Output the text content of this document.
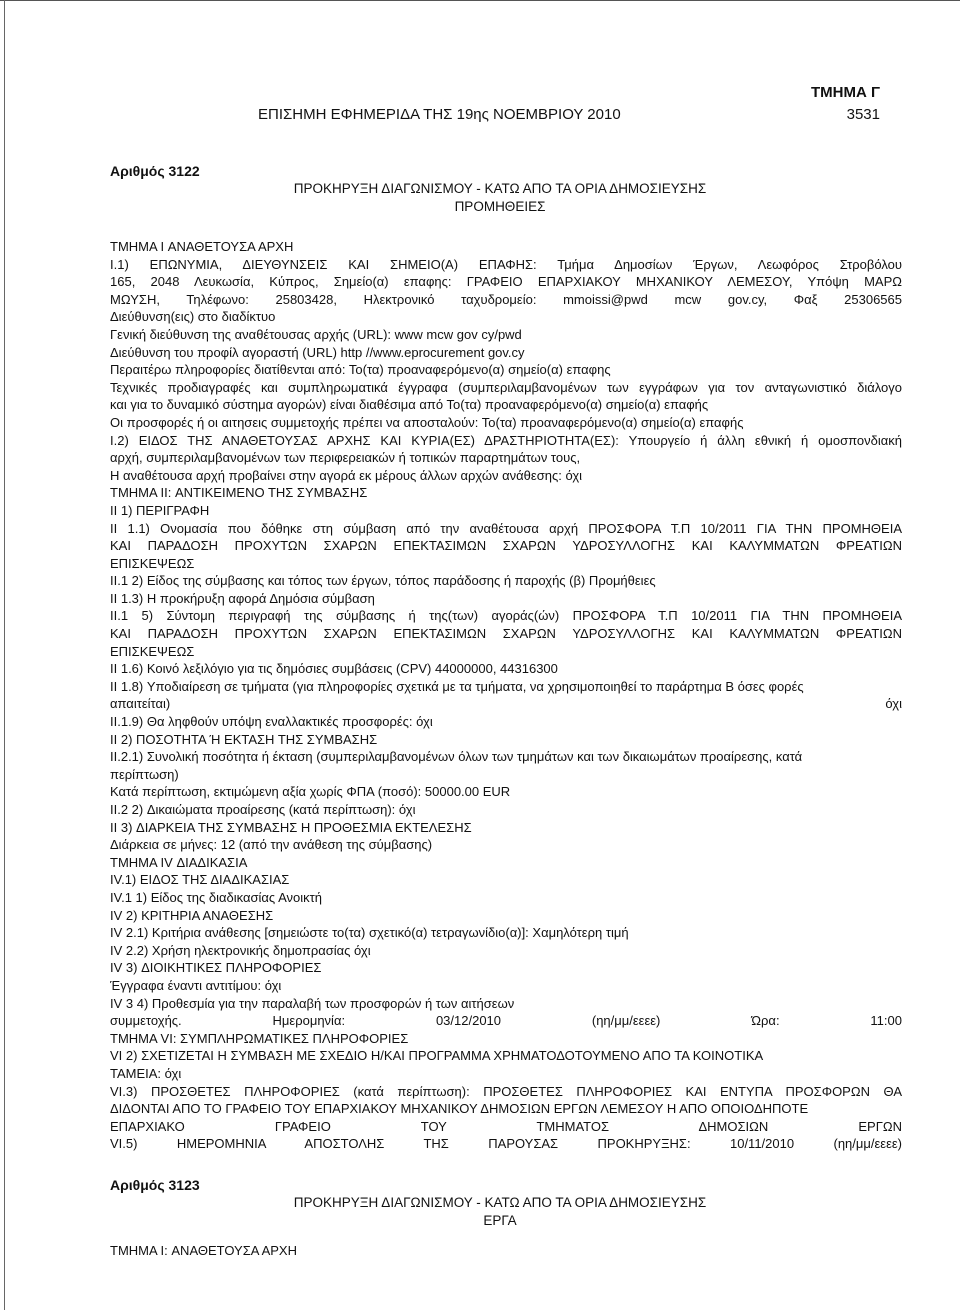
ΤΜΗΜΑ Γ
ΕΠΙΣΗΜΗ ΕΦΗΜΕΡΙΔΑ ΤΗΣ 19ης ΝΟΕΜΒΡΙΟΥ 2010	3531
Αριθμός 3122
ΠΡΟΚΗΡΥΞΗ ΔΙΑΓΩΝΙΣΜΟΥ - ΚΑΤΩ ΑΠΟ ΤΑ ΟΡΙΑ ΔΗΜΟΣΙΕΥΣΗΣ
ΠΡΟΜΗΘΕΙΕΣ
ΤΜΗΜΑ I ΑΝΑΘΕΤΟΥΣΑ ΑΡΧΗ
I.1) ΕΠΩΝΥΜΙΑ, ΔΙΕΥΘΥΝΣΕΙΣ ΚΑΙ ΣΗΜΕΙΟ(Α) ΕΠΑΦΗΣ: Τμήμα Δημοσίων Έργων, Λεωφόρος Στροβόλου
165, 2048 Λευκωσία, Κύπρος, Σημείο(α) επαφης: ΓΡΑΦΕΙΟ ΕΠΑΡΧΙΑΚΟΥ ΜΗΧΑΝΙΚΟΥ ΛΕΜΕΣΟΥ, Υπόψη ΜΑΡΩ
ΜΩΥΣΗ, Τηλέφωνο: 25803428, Ηλεκτρονικό ταχυδρομείο: mmoissi@pwd mcw gov.cy, Φαξ 25306565
Διεύθυνση(εις) στο διαδίκτυο
Γενική διεύθυνση της αναθέτουσας αρχής (URL): www mcw gov cy/pwd
Διεύθυνση του προφίλ αγοραστή (URL) http //www.eprocurement gov.cy
Περαιτέρω πληροφορίες διατίθενται από: Το(τα) προαναφερόμενο(α) σημείο(α) επαφης
Τεχνικές προδιαγραφές και συμπληρωματικά έγγραφα (συμπεριλαμβανομένων των εγγράφων για τον ανταγωνιστικό διάλογο
και για το δυναμικό σύστημα αγορών) είναι διαθέσιμα από Το(τα) προαναφερόμενο(α) σημείο(α) επαφής
Οι προσφορές ή οι αιτησεις συμμετοχής πρέπει να αποσταλούν: Το(τα) προαναφερόμενο(α) σημείο(α) επαφής
I.2) ΕΙΔΟΣ ΤΗΣ ΑΝΑΘΕΤΟΥΣΑΣ ΑΡΧΗΣ ΚΑΙ ΚΥΡΙΑ(ΕΣ) ΔΡΑΣΤΗΡΙΟΤΗΤΑ(ΕΣ): Υπουργείο ή άλλη εθνική ή ομοσπονδιακή
αρχή, συμπεριλαμβανομένων των περιφερειακών ή τοπικών παραρτημάτων τους,
Η αναθέτουσα αρχή προβαίνει στην αγορά εκ μέρους άλλων αρχών ανάθεσης: όχι
ΤΜΗΜΑ II: ΑΝΤΙΚΕΙΜΕΝΟ ΤΗΣ ΣΥΜΒΑΣΗΣ
II 1) ΠΕΡΙΓΡΑΦΗ
II 1.1) Ονομασία που δόθηκε στη σύμβαση από την αναθέτουσα αρχή ΠΡΟΣΦΟΡΑ Τ.Π 10/2011 ΓΙΑ ΤΗΝ ΠΡΟΜΗΘΕΙΑ
ΚΑΙ ΠΑΡΑΔΟΣΗ ΠΡΟΧΥΤΩΝ ΣΧΑΡΩΝ ΕΠΕΚΤΑΣΙΜΩΝ ΣΧΑΡΩΝ ΥΔΡΟΣΥΛΛΟΓΗΣ ΚΑΙ ΚΑΛΥΜΜΑΤΩΝ ΦΡΕΑΤΙΩΝ
ΕΠΙΣΚΕΨΕΩΣ
II.1 2) Είδος της σύμβασης και τόπος των έργων, τόπος παράδοσης ή παροχής (β) Προμήθειες
II 1.3) Η προκήρυξη αφορά Δημόσια σύμβαση
II.1 5) Σύντομη περιγραφή της σύμβασης ή της(των) αγοράς(ών) ΠΡΟΣΦΟΡΑ Τ.Π 10/2011 ΓΙΑ ΤΗΝ ΠΡΟΜΗΘΕΙΑ
ΚΑΙ ΠΑΡΑΔΟΣΗ ΠΡΟΧΥΤΩΝ ΣΧΑΡΩΝ ΕΠΕΚΤΑΣΙΜΩΝ ΣΧΑΡΩΝ ΥΔΡΟΣΥΛΛΟΓΗΣ ΚΑΙ ΚΑΛΥΜΜΑΤΩΝ ΦΡΕΑΤΙΩΝ
ΕΠΙΣΚΕΨΕΩΣ
II 1.6) Κοινό λεξιλόγιο για τις δημόσιες συμβάσεις (CPV) 44000000, 44316300
II 1.8) Υποδιαίρεση σε τμήματα (για πληροφορίες σχετικά με τα τμήματα, να χρησιμοποιηθεί το παράρτημα Β όσες φορές
απαιτείται) όχι
II.1.9) Θα ληφθούν υπόψη εναλλακτικές προσφορές: όχι
II 2) ΠΟΣΟΤΗΤΑ Ή ΕΚΤΑΣΗ ΤΗΣ ΣΥΜΒΑΣΗΣ
II.2.1) Συνολική ποσότητα ή έκταση (συμπεριλαμβανομένων όλων των τμημάτων και των δικαιωμάτων προαίρεσης, κατά
περίπτωση)
Κατά περίπτωση, εκτιμώμενη αξία χωρίς ΦΠΑ (ποσό): 50000.00 EUR
II.2 2) Δικαιώματα προαίρεσης (κατά περίπτωση): όχι
II 3) ΔΙΑΡΚΕΙΑ ΤΗΣ ΣΥΜΒΑΣΗΣ Η ΠΡΟΘΕΣΜΙΑ ΕΚΤΕΛΕΣΗΣ
Διάρκεια σε μήνες: 12 (από την ανάθεση της σύμβασης)
ΤΜΗΜΑ IV ΔΙΑΔΙΚΑΣΙΑ
IV.1) ΕΙΔΟΣ ΤΗΣ ΔΙΑΔΙΚΑΣΙΑΣ
IV.1 1) Είδος της διαδικασίας Ανοικτή
IV 2) ΚΡΙΤΗΡΙΑ ΑΝΑΘΕΣΗΣ
IV 2.1) Κριτήρια ανάθεσης [σημειώστε το(τα) σχετικό(α) τετραγωνίδιο(α)]: Χαμηλότερη τιμή
IV 2.2) Χρήση ηλεκτρονικής δημοπρασίας όχι
IV 3) ΔΙΟΙΚΗΤΙΚΕΣ ΠΛΗΡΟΦΟΡΙΕΣ
Έγγραφα έναντι αντιτίμου: όχι
IV 3 4) Προθεσμία για την παραλαβή των προσφορών ή των αιτήσεων
συμμετοχής. Ημερομηνία: 03/12/2010 (ηη/μμ/εεεε) Ώρα: 11:00
ΤΜΗΜΑ VI: ΣΥΜΠΛΗΡΩΜΑΤΙΚΕΣ ΠΛΗΡΟΦΟΡΙΕΣ
VI 2) ΣΧΕΤΙΖΕΤΑΙ Η ΣΥΜΒΑΣΗ ΜΕ ΣΧΕΔΙΟ Η/ΚΑΙ ΠΡΟΓΡΑΜΜΑ ΧΡΗΜΑΤΟΔΟΤΟΥΜΕΝΟ ΑΠΟ ΤΑ ΚΟΙΝΟΤΙΚΑ
ΤΑΜΕΙΑ: όχι
VI.3) ΠΡΟΣΘΕΤΕΣ ΠΛΗΡΟΦΟΡΙΕΣ (κατά περίπτωση): ΠΡΟΣΘΕΤΕΣ ΠΛΗΡΟΦΟΡΙΕΣ ΚΑΙ ΕΝΤΥΠΑ ΠΡΟΣΦΟΡΩΝ ΘΑ
ΔΙΔΟΝΤΑΙ ΑΠΟ ΤΟ ΓΡΑΦΕΙΟ ΤΟΥ ΕΠΑΡΧΙΑΚΟΥ ΜΗΧΑΝΙΚΟΥ ΔΗΜΟΣΙΩΝ ΕΡΓΩΝ ΛΕΜΕΣΟΥ Η ΑΠΟ ΟΠΟΙΟΔΗΠΟΤΕ
ΕΠΑΡΧΙΑΚΟ ΓΡΑΦΕΙΟ ΤΟΥ ΤΜΗΜΑΤΟΣ ΔΗΜΟΣΙΩΝ ΕΡΓΩΝ
VI.5) ΗΜΕΡΟΜΗΝΙΑ ΑΠΟΣΤΟΛΗΣ ΤΗΣ ΠΑΡΟΥΣΑΣ ΠΡΟΚΗΡΥΞΗΣ: 10/11/2010 (ηη/μμ/εεεε)
Αριθμός 3123
ΠΡΟΚΗΡΥΞΗ ΔΙΑΓΩΝΙΣΜΟΥ - ΚΑΤΩ ΑΠΟ ΤΑ ΟΡΙΑ ΔΗΜΟΣΙΕΥΣΗΣ
ΕΡΓΑ
ΤΜΗΜΑ I: ΑΝΑΘΕΤΟΥΣΑ ΑΡΧΗ
